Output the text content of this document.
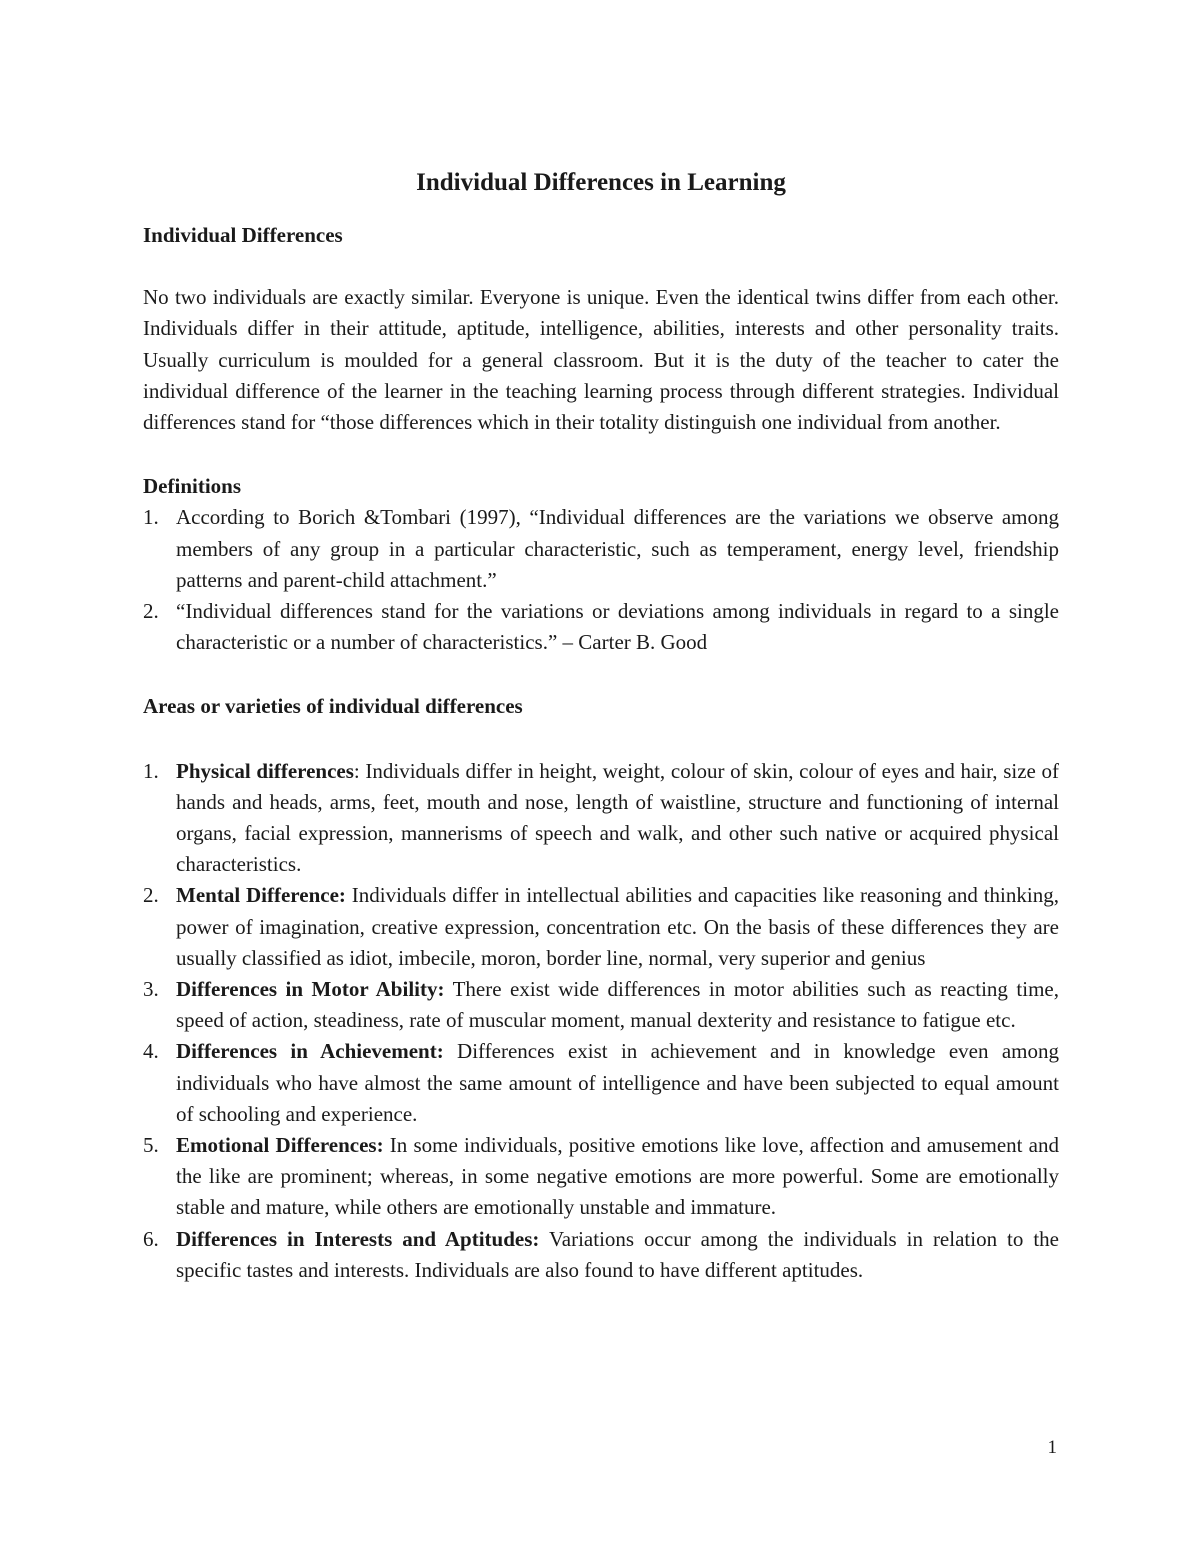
Individual Differences in Learning
Individual Differences

No two individuals are exactly similar. Everyone is unique. Even the identical twins differ from each other. Individuals differ in their attitude, aptitude, intelligence, abilities, interests and other personality traits. Usually curriculum is moulded for a general classroom. But it is the duty of the teacher to cater the individual difference of the learner in the teaching learning process through different strategies. Individual differences stand for “those differences which in their totality distinguish one individual from another.

Definitions
1. According to Borich &Tombari (1997), “Individual differences are the variations we observe among members of any group in a particular characteristic, such as temperament, energy level, friendship patterns and parent-child attachment.”
2. “Individual differences stand for the variations or deviations among individuals in regard to a single characteristic or a number of characteristics.” – Carter B. Good
Areas or varieties of individual differences
1. Physical differences: Individuals differ in height, weight, colour of skin, colour of eyes and hair, size of hands and heads, arms, feet, mouth and nose, length of waistline, structure and functioning of internal organs, facial expression, mannerisms of speech and walk, and other such native or acquired physical characteristics.
2. Mental Difference: Individuals differ in intellectual abilities and capacities like reasoning and thinking, power of imagination, creative expression, concentration etc. On the basis of these differences they are usually classified as idiot, imbecile, moron, border line, normal, very superior and genius
3. Differences in Motor Ability: There exist wide differences in motor abilities such as reacting time, speed of action, steadiness, rate of muscular moment, manual dexterity and resistance to fatigue etc.
4. Differences in Achievement: Differences exist in achievement and in knowledge even among individuals who have almost the same amount of intelligence and have been subjected to equal amount of schooling and experience.
5. Emotional Differences: In some individuals, positive emotions like love, affection and amusement and the like are prominent; whereas, in some negative emotions are more powerful. Some are emotionally stable and mature, while others are emotionally unstable and immature.
6. Differences in Interests and Aptitudes: Variations occur among the individuals in relation to the specific tastes and interests. Individuals are also found to have different aptitudes.
1
